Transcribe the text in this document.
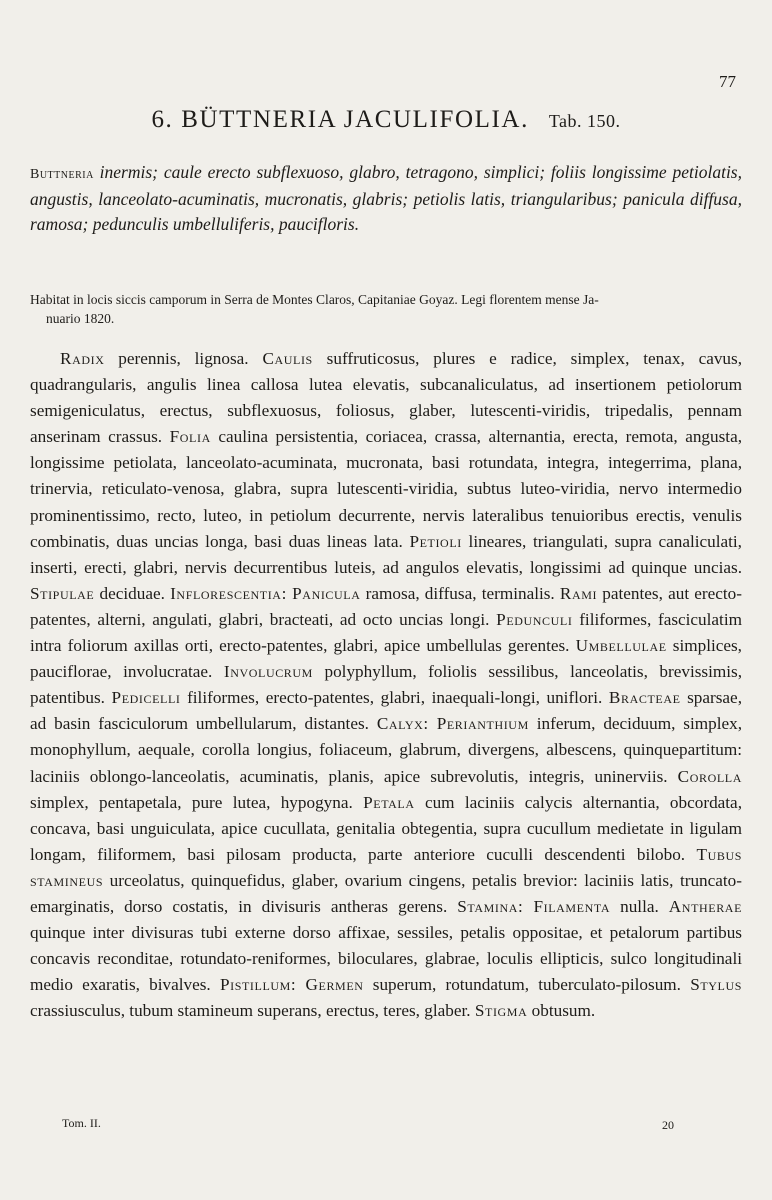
77
6. BÜTTNERIA JACULIFOLIA. Tab. 150.
Buttneria inermis; caule erecto subflexuoso, glabro, tetragono, simplici; foliis longissime petiolatis, angustis, lanceolato-acuminatis, mucronatis, glabris; petiolis latis, triangularibus; panicula diffusa, ramosa; pedunculis umbelluliferis, paucifloris.
Habitat in locis siccis camporum in Serra de Montes Claros, Capitaniae Goyaz. Legi florentem mense Ja-
nuario 1820.

Radix perennis, lignosa. Caulis suffruticosus, plures e radice, simplex, tenax, cavus, quadrangularis, angulis linea callosa lutea elevatis, subcanaliculatus, ad insertionem petiolorum semigeniculatus, erectus, subflexuosus, foliosus, glaber, lutescenti-viridis, tripedalis, pennam anserinam crassus. Folia caulina persistentia, coriacea, crassa, alternantia, erecta, remota, angusta, longissime petiolata, lanceolato-acuminata, mucronata, basi rotundata, integra, integerrima, plana, trinervia, reticulato-venosa, glabra, supra lutescenti-viridia, subtus luteo-viridia, nervo intermedio prominentissimo, recto, luteo, in petiolum decurrente, nervis lateralibus tenuioribus erectis, venulis combinatis, duas uncias longa, basi duas lineas lata. Petioli lineares, triangulati, supra canaliculati, inserti, erecti, glabri, nervis decurrentibus luteis, ad angulos elevatis, longissimi ad quinque uncias. Stipulae deciduae. Inflorescentia: Panicula ramosa, diffusa, terminalis. Rami patentes, aut erecto-patentes, alterni, angulati, glabri, bracteati, ad octo uncias longi. Pedunculi filiformes, fasciculatim intra foliorum axillas orti, erecto-patentes, glabri, apice umbellulas gerentes. Umbellulae simplices, pauciflorae, involucratae. Involucrum polyphyllum, foliolis sessilibus, lanceolatis, brevissimis, patentibus. Pedicelli filiformes, erecto-patentes, glabri, inaequali-longi, uniflori. Bracteae sparsae, ad basin fasciculorum umbellularum, distantes. Calyx: Perianthium inferum, deciduum, simplex, monophyllum, aequale, corolla longius, foliaceum, glabrum, divergens, albescens, quinquepartitum: laciniis oblongo-lanceolatis, acuminatis, planis, apice subrevolutis, integris, uninerviis. Corolla simplex, pentapetala, pure lutea, hypogyna. Petala cum laciniis calycis alternantia, obcordata, concava, basi unguiculata, apice cucullata, genitalia obtegentia, supra cucullum medietate in ligulam longam, filiformem, basi pilosam producta, parte anteriore cuculli descendenti bilobo. Tubus stamineus urceolatus, quinquefidus, glaber, ovarium cingens, petalis brevior: laciniis latis, truncato-emarginatis, dorso costatis, in divisuris antheras gerens. Stamina: Filamenta nulla. Antherae quinque inter divisuras tubi externe dorso affixae, sessiles, petalis oppositae, et petalorum partibus concavis reconditae, rotundato-reniformes, biloculares, glabrae, loculis ellipticis, sulco longitudinali medio exaratis, bivalves. Pistillum: Germen superum, rotundatum, tuberculato-pilosum. Stylus crassiusculus, tubum stamineum superans, erectus, teres, glaber. Stigma obtusum.

Tom. II.	20
